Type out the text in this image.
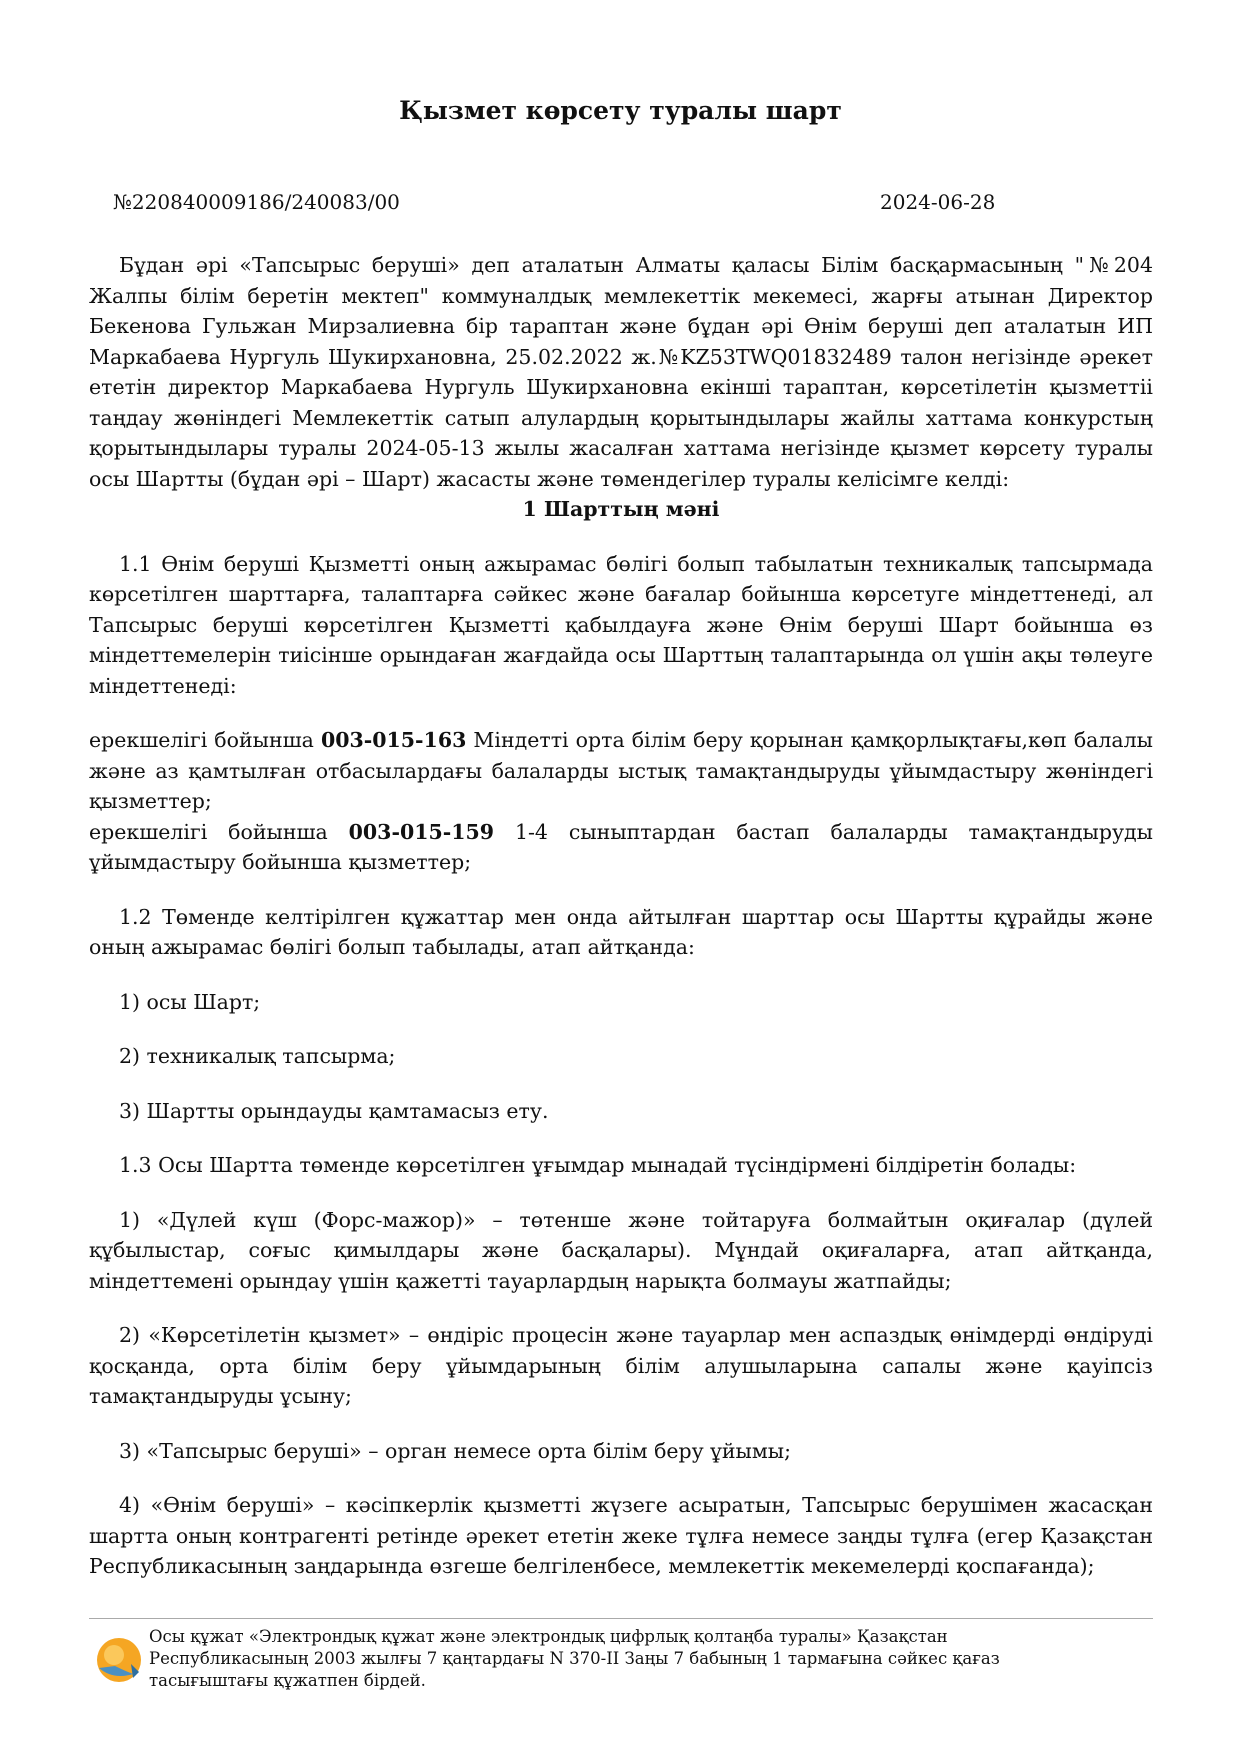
Қызмет көрсету туралы шарт
№220840009186/240083/00	2024-06-28

Бұдан әрі «Тапсырыс беруші» деп аталатын Алматы қаласы Білім басқармасының "№204 Жалпы білім беретін мектеп" коммуналдық мемлекеттік мекемесі, жарғы атынан Директор Бекенова Гульжан Мирзалиевна бір тараптан және бұдан әрі Өнім беруші деп аталатын ИП Маркабаева Нургуль Шукирхановна, 25.02.2022 ж.№KZ53TWQ01832489 талон негізінде әрекет ететін директор Маркабаева Нургуль Шукирхановна екінші тараптан, көрсетілетін қызметтіі таңдау жөніндегі Мемлекеттік сатып алулардың қорытындылары жайлы хаттама конкурстың қорытындылары туралы 2024-05-13 жылы жасалған хаттама негізінде қызмет көрсету туралы осы Шартты (бұдан әрі – Шарт) жасасты және төмендегілер туралы келісімге келді:

1 Шарттың мәні

1.1 Өнім беруші Қызметті оның ажырамас бөлігі болып табылатын техникалық тапсырмада көрсетілген шарттарға, талаптарға сәйкес және бағалар бойынша көрсетуге міндеттенеді, ал Тапсырыс беруші көрсетілген Қызметті қабылдауға және Өнім беруші Шарт бойынша өз міндеттемелерін тиісінше орындаған жағдайда осы Шарттың талаптарында ол үшін ақы төлеуге міндеттенеді:

ерекшелігі бойынша 003-015-163 Міндетті орта білім беру қорынан қамқорлықтағы,көп балалы және аз қамтылған отбасылардағы балаларды ыстық тамақтандыруды ұйымдастыру жөніндегі қызметтер;

ерекшелігі бойынша 003-015-159 1-4 сыныптардан бастап балаларды тамақтандыруды ұйымдастыру бойынша қызметтер;

1.2 Төменде келтірілген құжаттар мен онда айтылған шарттар осы Шартты құрайды және оның ажырамас бөлігі болып табылады, атап айтқанда:

1) осы Шарт;

2) техникалық тапсырма;

3) Шартты орындауды қамтамасыз ету.

1.3 Осы Шартта төменде көрсетілген ұғымдар мынадай түсіндірмені білдіретін болады:

1) «Дүлей күш (Форс-мажор)» – төтенше және тойтаруға болмайтын оқиғалар (дүлей құбылыстар, соғыс қимылдары және басқалары). Мұндай оқиғаларға, атап айтқанда, міндеттемені орындау үшін қажетті тауарлардың нарықта болмауы жатпайды;

2) «Көрсетілетін қызмет» – өндіріс процесін және тауарлар мен аспаздық өнімдерді өндіруді қосқанда, орта білім беру ұйымдарының білім алушыларына сапалы және қауіпсіз тамақтандыруды ұсыну;

3) «Тапсырыс беруші» – орган немесе орта білім беру ұйымы;

4) «Өнім беруші» – кәсіпкерлік қызметті жүзеге асыратын, Тапсырыс берушімен жасасқан шартта оның контрагенті ретінде әрекет ететін жеке тұлға немесе заңды тұлға (егер Қазақстан Республикасының заңдарында өзгеше белгіленбесе, мемлекеттік мекемелерді қоспағанда);

Осы құжат «Электрондық құжат және электрондық цифрлық қолтаңба туралы» Қазақстан Республикасының 2003 жылғы 7 қаңтардағы N 370-II Заңы 7 бабының 1 тармағына сәйкес қағаз тасығыштағы құжатпен бірдей.
